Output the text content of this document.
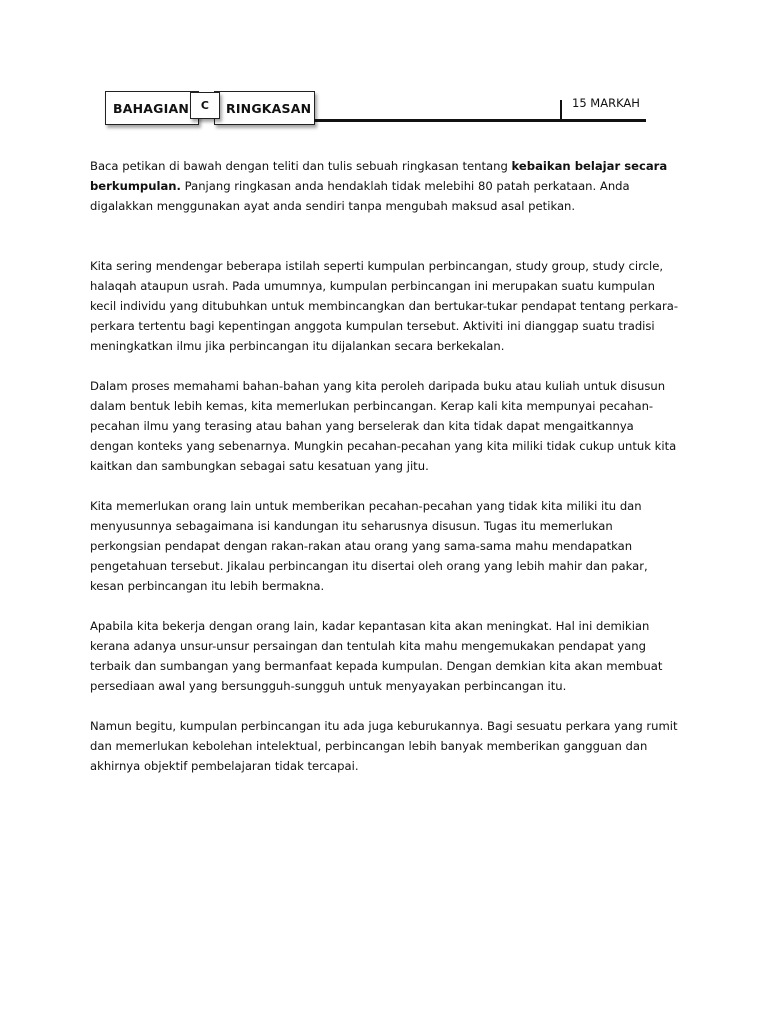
BAHAGIAN	RINGKASAN
C	15 MARKAH

Baca petikan di bawah dengan teliti dan tulis sebuah ringkasan tentang kebaikan belajar secara berkumpulan. Panjang ringkasan anda hendaklah tidak melebihi 80 patah perkataan. Anda digalakkan menggunakan ayat anda sendiri tanpa mengubah maksud asal petikan.

Kita sering mendengar beberapa istilah seperti kumpulan perbincangan, study group, study circle, halaqah ataupun usrah. Pada umumnya, kumpulan perbincangan ini merupakan suatu kumpulan kecil individu yang ditubuhkan untuk membincangkan dan bertukar-tukar pendapat tentang perkara-perkara tertentu bagi kepentingan anggota kumpulan tersebut. Aktiviti ini dianggap suatu tradisi meningkatkan ilmu jika perbincangan itu dijalankan secara berkekalan.

Dalam proses memahami bahan-bahan yang kita peroleh daripada buku atau kuliah untuk disusun dalam bentuk lebih kemas, kita memerlukan perbincangan. Kerap kali kita mempunyai pecahan-pecahan ilmu yang terasing atau bahan yang berselerak dan kita tidak dapat mengaitkannya dengan konteks yang sebenarnya. Mungkin pecahan-pecahan yang kita miliki tidak cukup untuk kita kaitkan dan sambungkan sebagai satu kesatuan yang jitu.

Kita memerlukan orang lain untuk memberikan pecahan-pecahan yang tidak kita miliki itu dan menyusunnya sebagaimana isi kandungan itu seharusnya disusun. Tugas itu memerlukan perkongsian pendapat dengan rakan-rakan atau orang yang sama-sama mahu mendapatkan pengetahuan tersebut. Jikalau perbincangan itu disertai oleh orang yang lebih mahir dan pakar, kesan perbincangan itu lebih bermakna.

Apabila kita bekerja dengan orang lain, kadar kepantasan kita akan meningkat. Hal ini demikian kerana adanya unsur-unsur persaingan dan tentulah kita mahu mengemukakan pendapat yang terbaik dan sumbangan yang bermanfaat kepada kumpulan. Dengan demkian kita akan membuat persediaan awal yang bersungguh-sungguh untuk menyayakan perbincangan itu.

Namun begitu, kumpulan perbincangan itu ada juga keburukannya. Bagi sesuatu perkara yang rumit dan memerlukan kebolehan intelektual, perbincangan lebih banyak memberikan gangguan dan akhirnya objektif pembelajaran tidak tercapai.
